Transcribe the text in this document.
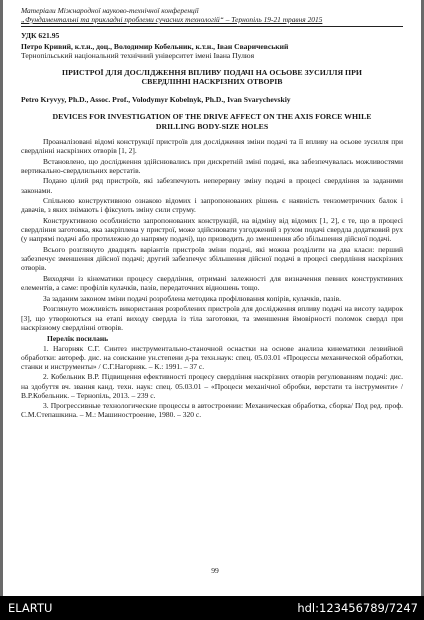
Матеріали Міжнародної науково-технічної конференції
„Фундаментальні та прикладні проблеми сучасних технологій“ – Тернопіль 19-21 травня 2015
УДК 621.95
Петро Кривий, к.т.н., доц., Володимир Кобельник, к.т.н., Іван Сваричевський
Тернопільський національний технічний університет імені Івана Пулюя
ПРИСТРОЇ ДЛЯ ДОСЛІДЖЕННЯ ВПЛИВУ ПОДАЧІ НА ОСЬОВЕ ЗУСИЛЛЯ ПРИ СВЕРДЛІННІ НАСКРІЗНИХ ОТВОРІВ
Petro Kryvyy, Ph.D., Assoc. Prof., Volodymyr Kobelnyk, Ph.D., Ivan Svarychevskiy
DEVICES FOR INVESTIGATION OF THE DRIVE AFFECT ON THE AXIS FORCE WHILE DRILLING BODY-SIZE HOLES

Проаналізовані відомі конструкції пристроїв для дослідження зміни подачі та її впливу на осьове зусилля при свердлінні наскрізних отворів [1, 2].

Встановлено, що дослідження здійснювались при дискретній зміні подачі, яка забезпечувалась можливостями вертикально-свердлильних верстатів.

Подано цілий ряд пристроїв, які забезпечують неперервну зміну подачі в процесі свердління за заданими законами.

Спільною конструктивною ознакою відомих і запропонованих рішень є наявність тензометричних балок і давачів, з яких знімають і фіксують зміну сили струму.

Конструктивною особливістю запропонованих конструкцій, на відміну від відомих [1, 2], є те, що в процесі свердління заготовка, яка закріплена у пристрої, може здійснювати узгоджений з рухом подачі свердла додатковий рух (у напрямі подачі або протилежно до напряму подачі), що призводить до зменшення або збільшення дійсної подачі.

Всього розглянуто двадцять варіантів пристроїв зміни подачі, які можна розділити на два класи: перший забезпечує зменшення дійсної подачі; другий забезпечує збільшення дійсної подачі в процесі свердління наскрізних отворів.

Виходячи із кінематики процесу свердління, отримані залежності для визначення певних конструктивних елементів, а саме: профілів кулачків, пазів, передаточних відношень тощо.

За заданим законом зміни подачі розроблена методика профілювання копірів, кулачків, пазів.

Розглянуто можливість використання розроблених пристроїв для дослідження впливу подачі на висоту задирок [3], що утворюються на етапі виходу свердла із тіла заготовки, та зменшення ймовірності поломок свердл при наскрізному свердлінні отворів.

Перелік посилань

1. Нагорняк С.Г. Синтез инструментально-станочной оснастки на основе анализа кинематики лезвийной обработки: автореф. дис. на соискание ун.степени д-ра техн.наук: спец. 05.03.01 «Процессы механической обработки, станки и инструменты» / С.Г.Нагорняк. – К.: 1991. – 37 с.

2. Кобельник В.Р. Підвищення ефективності процесу свердління наскрізних отворів регулюванням подачі: дис. на здобуття вч. звання канд. техн. наук: спец. 05.03.01 – «Процеси механічної обробки, верстати та інструменти» / В.Р.Кобельник. – Тернопіль, 2013. – 239 с.

3. Прогрессивные технологические процессы в автостроении: Механическая обработка, сборка/ Под ред. проф. С.М.Степашкина. – М.: Машиностроение, 1980. – 320 с.

99
ELARTU	hdl:123456789/7247
